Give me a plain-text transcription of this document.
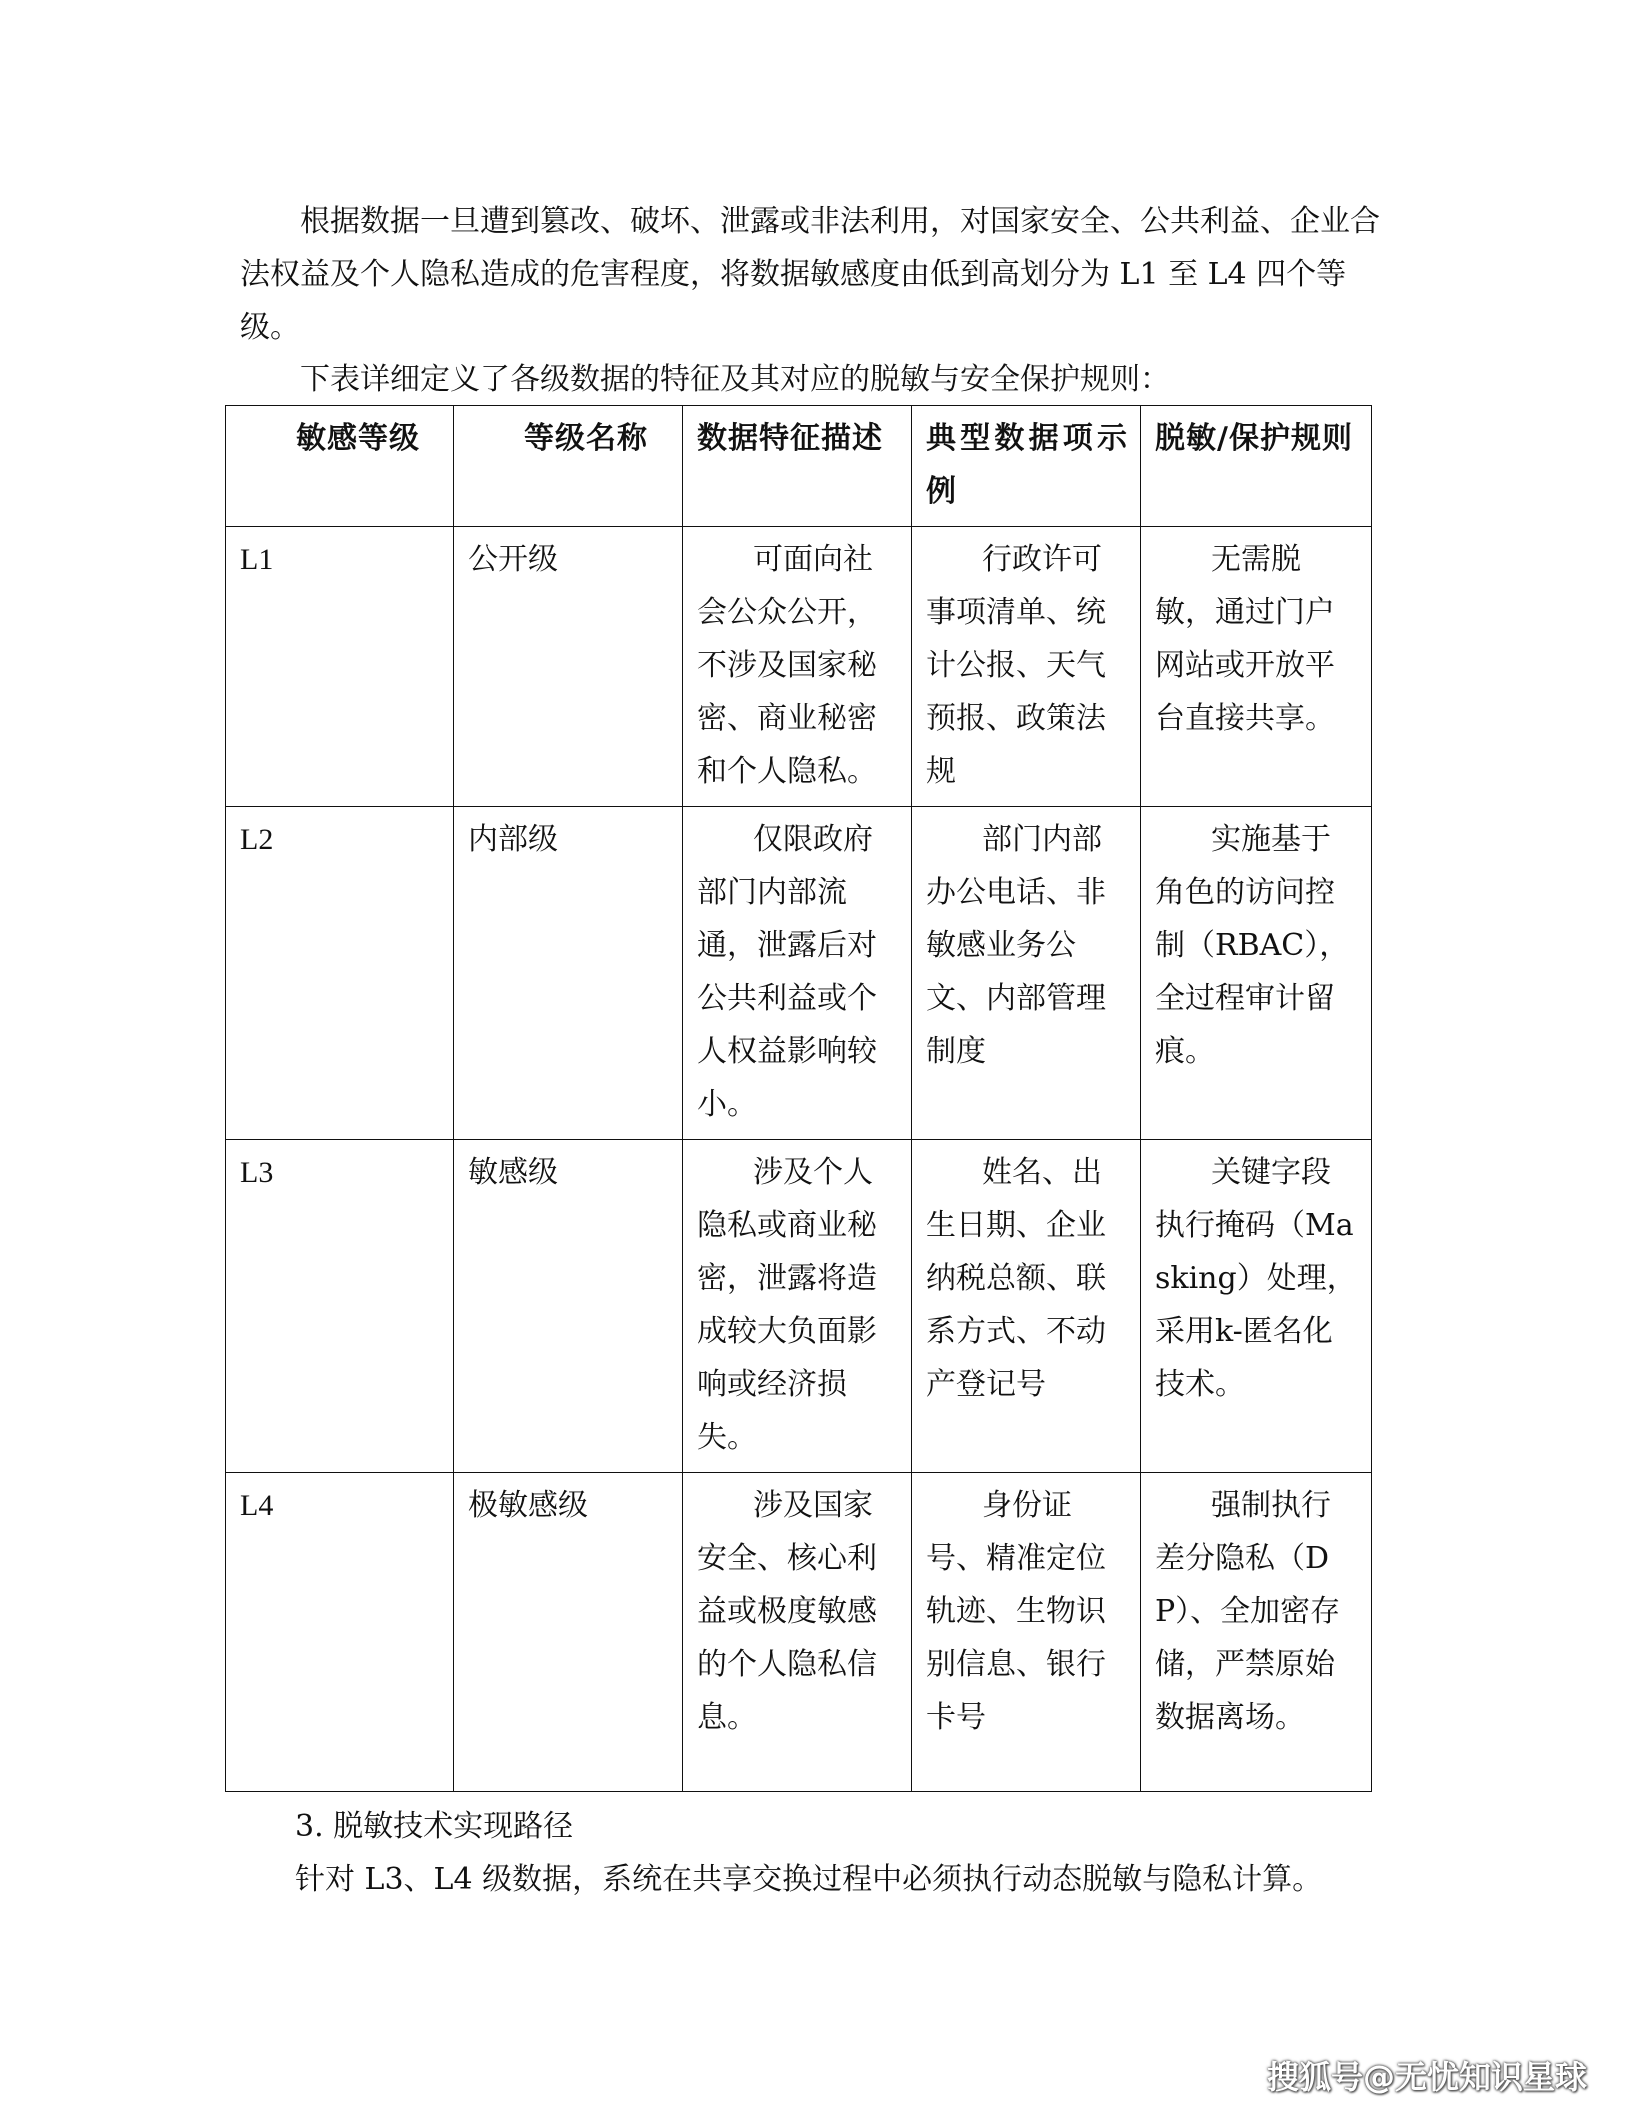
根据数据一旦遭到篡改、破坏、泄露或非法利用，对国家安全、公共利益、企业合法权益及个人隐私造成的危害程度，将数据敏感度由低到高划分为 L1 至 L4 四个等级。

下表详细定义了各级数据的特征及其对应的脱敏与安全保护规则：

敏感等级	等级名称	数据特征描述	典型数据项示例	脱敏/保护规则
L1	公开级	可面向社会公众公开，不涉及国家秘密、商业秘密和个人隐私。	行政许可事项清单、统计公报、天气预报、政策法规	无需脱敏，通过门户网站或开放平台直接共享。
L2	内部级	仅限政府部门内部流通，泄露后对公共利益或个人权益影响较小。	部门内部办公电话、非敏感业务公文、内部管理制度	实施基于角色的访问控制（RBAC），全过程审计留痕。
L3	敏感级	涉及个人隐私或商业秘密，泄露将造成较大负面影响或经济损失。	姓名、出生日期、企业纳税总额、联系方式、不动产登记号	关键字段执行掩码（Masking）处理，采用k-匿名化技术。
L4	极敏感级	涉及国家安全、核心利益或极度敏感的个人隐私信息。	身份证号、精准定位轨迹、生物识别信息、银行卡号	强制执行差分隐私（DP）、全加密存储，严禁原始数据离场。

3. 脱敏技术实现路径

针对 L3、L4 级数据，系统在共享交换过程中必须执行动态脱敏与隐私计算。

搜狐号@无忧知识星球
